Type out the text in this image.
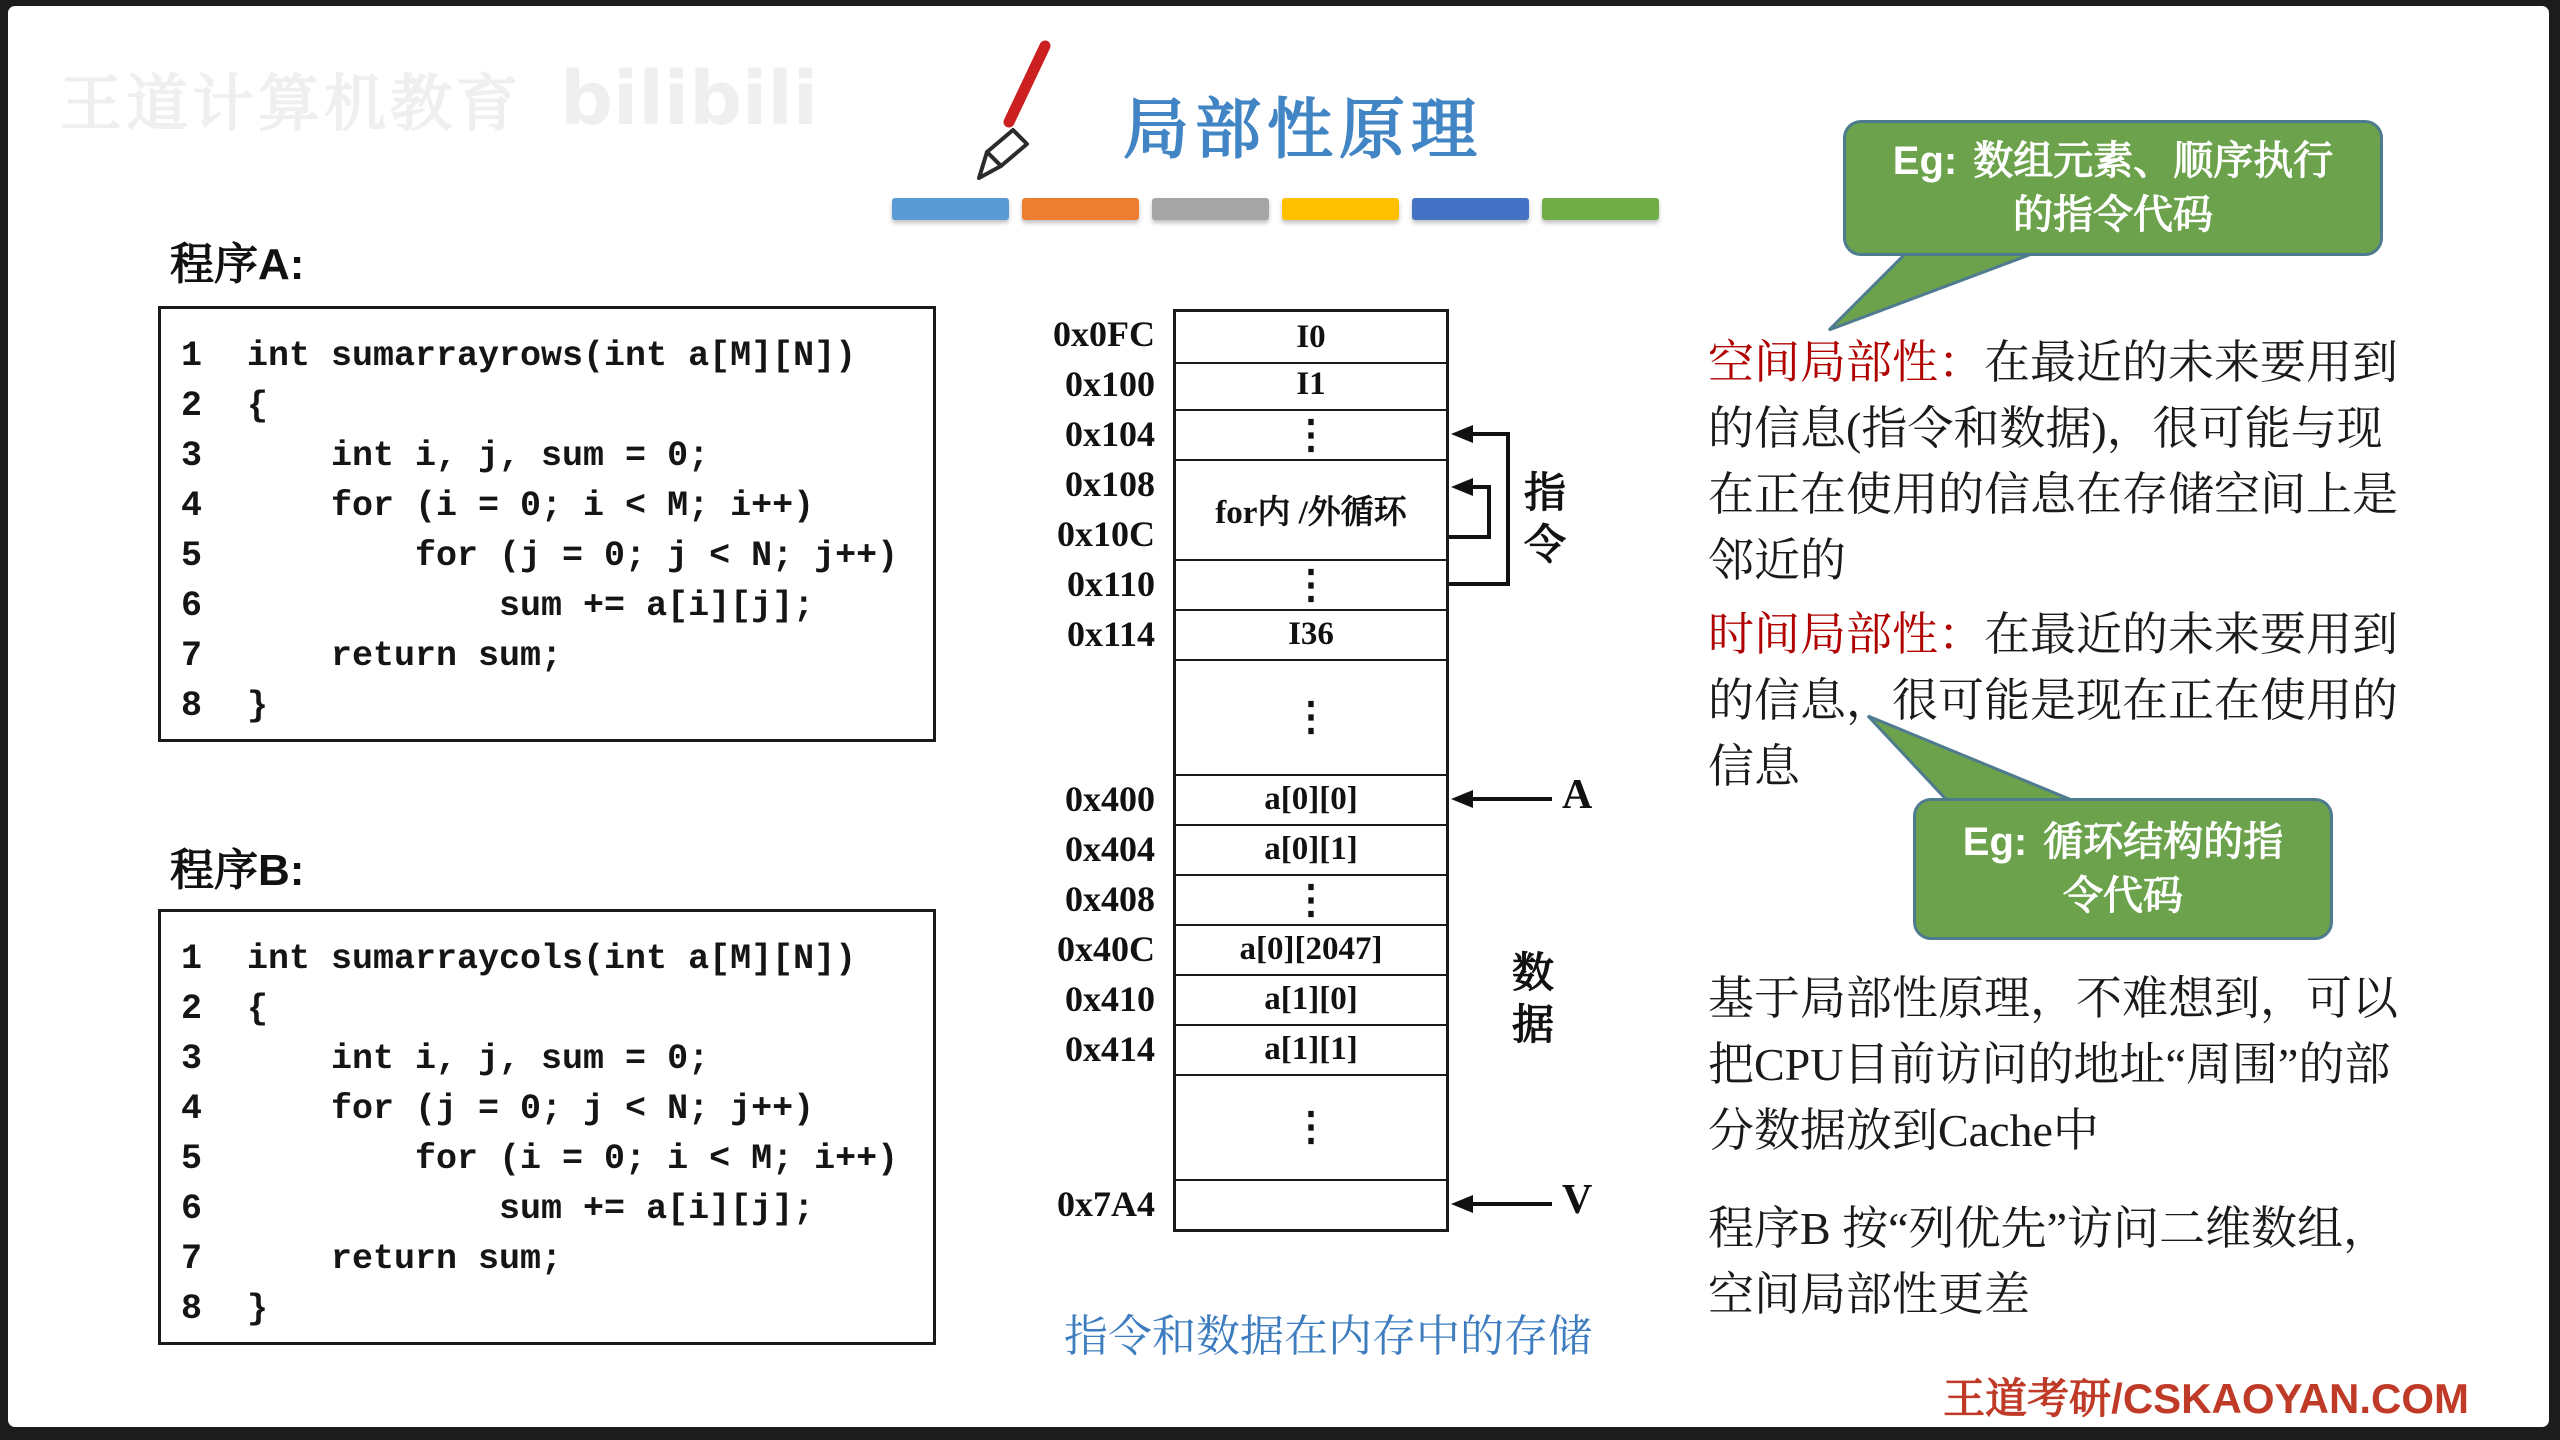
王道计算机教育 bilibili	局部性原理
程序A:
1	int sumarrayrows(int a[M][N])
2	{
3	int i, j, sum = 0;
4	for (i = 0; i < M; i++)
5	for (j = 0; j < N; j++)
6	sum += a[i][j];
7	return sum;
8	}
程序B:
1	int sumarraycols(int a[M][N])
2	{
3	int i, j, sum = 0;
4	for (j = 0; j < N; j++)
5	for (i = 0; i < M; i++)
6	sum += a[i][j];
7	return sum;
8	}
0x0FC	I0
0x100	I1
0x104	⋮
0x108
0x10C
for内 /外循环
0x110	⋮
0x114	I36
⋮
0x400	a[0][0]
0x404	a[0][1]
0x408	⋮
0x40C	a[0][2047]
0x410	a[1][0]
0x414	a[1][1]
⋮
0x7A4
指令
数据
A
V
指令和数据在内存中的存储
Eg: 数组元素、顺序执行的指令代码
Eg: 循环结构的指令代码
空间局部性：在最近的未来要用到的信息(指令和数据)，很可能与现在正在使用的信息在存储空间上是邻近的
时间局部性：在最近的未来要用到的信息，很可能是现在正在使用的信息
基于局部性原理，不难想到，可以把CPU目前访问的地址“周围”的部分数据放到Cache中
程序B 按“列优先”访问二维数组，空间局部性更差
王道考研/CSKAOYAN.COM
